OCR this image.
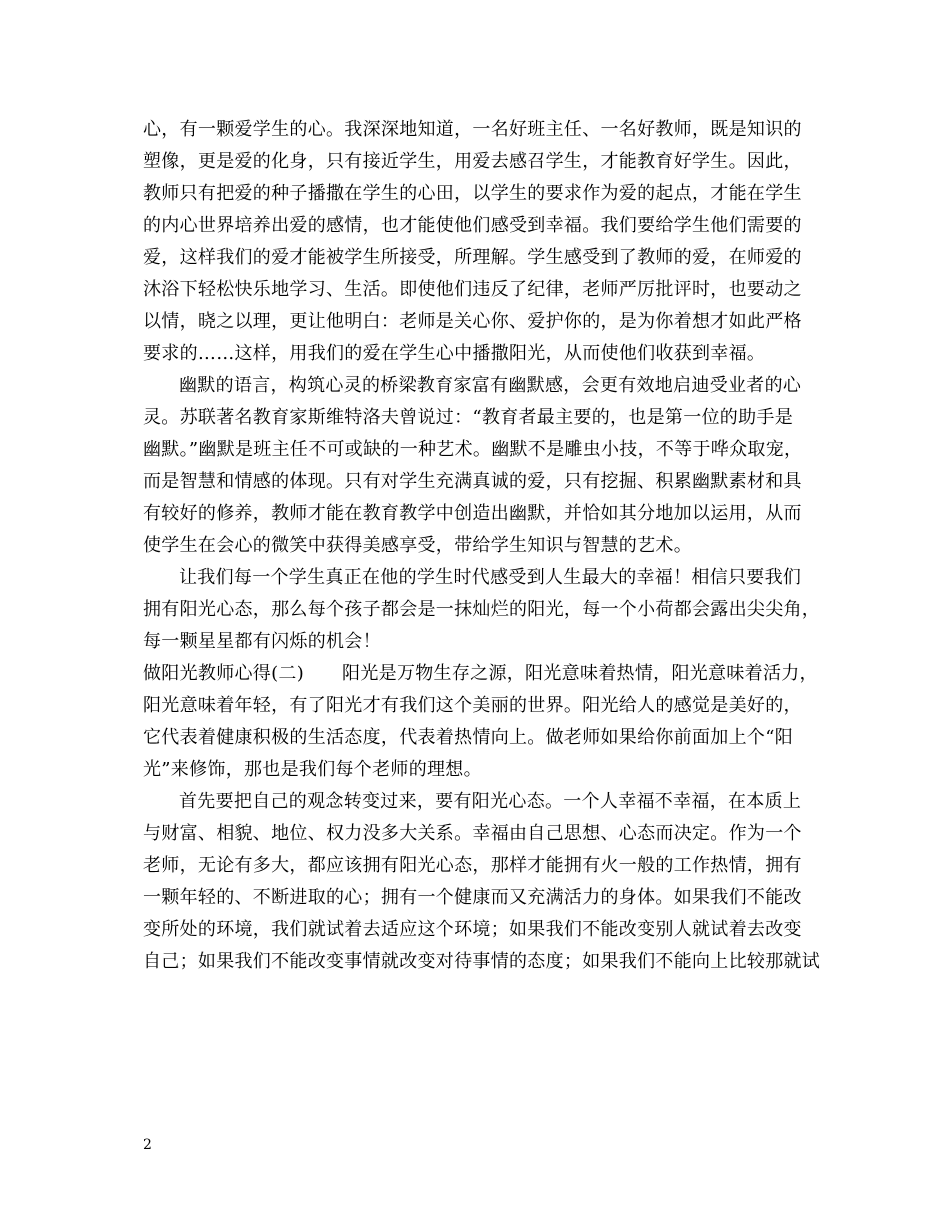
心，有一颗爱学生的心。我深深地知道，一名好班主任、一名好教师，既是知识的
塑像，更是爱的化身，只有接近学生，用爱去感召学生，才能教育好学生。因此，
教师只有把爱的种子播撒在学生的心田，以学生的要求作为爱的起点，才能在学生
的内心世界培养出爱的感情，也才能使他们感受到幸福。我们要给学生他们需要的
爱，这样我们的爱才能被学生所接受，所理解。学生感受到了教师的爱，在师爱的
沐浴下轻松快乐地学习、生活。即使他们违反了纪律，老师严厉批评时，也要动之
以情，晓之以理，更让他明白：老师是关心你、爱护你的，是为你着想才如此严格
要求的……这样，用我们的爱在学生心中播撒阳光，从而使他们收获到幸福。
幽默的语言，构筑心灵的桥梁教育家富有幽默感，会更有效地启迪受业者的心
灵。苏联著名教育家斯维特洛夫曾说过：“教育者最主要的，也是第一位的助手是
幽默。”幽默是班主任不可或缺的一种艺术。幽默不是雕虫小技，不等于哗众取宠，
而是智慧和情感的体现。只有对学生充满真诚的爱，只有挖掘、积累幽默素材和具
有较好的修养，教师才能在教育教学中创造出幽默，并恰如其分地加以运用，从而
使学生在会心的微笑中获得美感享受，带给学生知识与智慧的艺术。
让我们每一个学生真正在他的学生时代感受到人生最大的幸福！相信只要我们
拥有阳光心态，那么每个孩子都会是一抹灿烂的阳光，每一个小荷都会露出尖尖角，
每一颗星星都有闪烁的机会！
做阳光教师心得(二) 阳光是万物生存之源，阳光意味着热情，阳光意味着活力，
阳光意味着年轻，有了阳光才有我们这个美丽的世界。阳光给人的感觉是美好的，
它代表着健康积极的生活态度，代表着热情向上。做老师如果给你前面加上个“阳
光”来修饰，那也是我们每个老师的理想。
首先要把自己的观念转变过来，要有阳光心态。一个人幸福不幸福，在本质上
与财富、相貌、地位、权力没多大关系。幸福由自己思想、心态而决定。作为一个
老师，无论有多大，都应该拥有阳光心态，那样才能拥有火一般的工作热情，拥有
一颗年轻的、不断进取的心；拥有一个健康而又充满活力的身体。如果我们不能改
变所处的环境，我们就试着去适应这个环境；如果我们不能改变别人就试着去改变
自己；如果我们不能改变事情就改变对待事情的态度；如果我们不能向上比较那就试
2
